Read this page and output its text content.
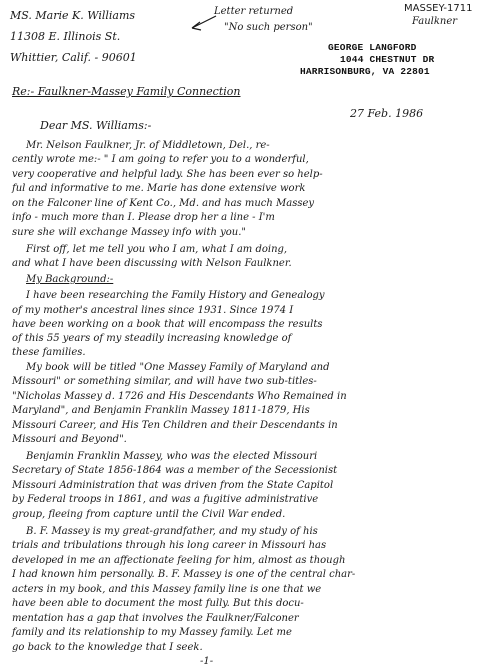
MASSEY-1711
Faulkner
Letter returned
"No such person"
MS. Marie K. Williams
11308 E. Illinois St.
Whittier, Calif. - 90601
GEORGE LANGFORD
1044 CHESTNUT DR
HARRISONBURG, VA 22801
Re:- Faulkner-Massey Family Connection
27 Feb. 1986
Dear MS. Williams:-
Mr. Nelson Faulkner, Jr. of Middletown, Del., re-
cently wrote me:- " I am going to refer you to a wonderful,
very cooperative and helpful lady. She has been ever so help-
ful and informative to me. Marie has done extensive work
on the Falconer line of Kent Co., Md. and has much Massey
info - much more than I. Please drop her a line - I'm
sure she will exchange Massey info with you."
First off, let me tell you who I am, what I am doing,
and what I have been discussing with Nelson Faulkner.
My Background:-
I have been researching the Family History and Genealogy
of my mother's ancestral lines since 1931. Since 1974 I
have been working on a book that will encompass the results
of this 55 years of my steadily increasing knowledge of
these families.
My book will be titled "One Massey Family of Maryland and
Missouri" or something similar, and will have two sub-titles-
"Nicholas Massey d. 1726 and His Descendants Who Remained in
Maryland", and Benjamin Franklin Massey 1811-1879, His
Missouri Career, and His Ten Children and their Descendants in
Missouri and Beyond".
Benjamin Franklin Massey, who was the elected Missouri
Secretary of State 1856-1864 was a member of the Secessionist
Missouri Administration that was driven from the State Capitol
by Federal troops in 1861, and was a fugitive administrative
group, fleeing from capture until the Civil War ended.
B. F. Massey is my great-grandfather, and my study of his
trials and tribulations through his long career in Missouri has
developed in me an affectionate feeling for him, almost as though
I had known him personally. B. F. Massey is one of the central char-
acters in my book, and this Massey family line is one that we
have been able to document the most fully. But this docu-
mentation has a gap that involves the Faulkner/Falconer
family and its relationship to my Massey family. Let me
go back to the knowledge that I seek.
-1-
